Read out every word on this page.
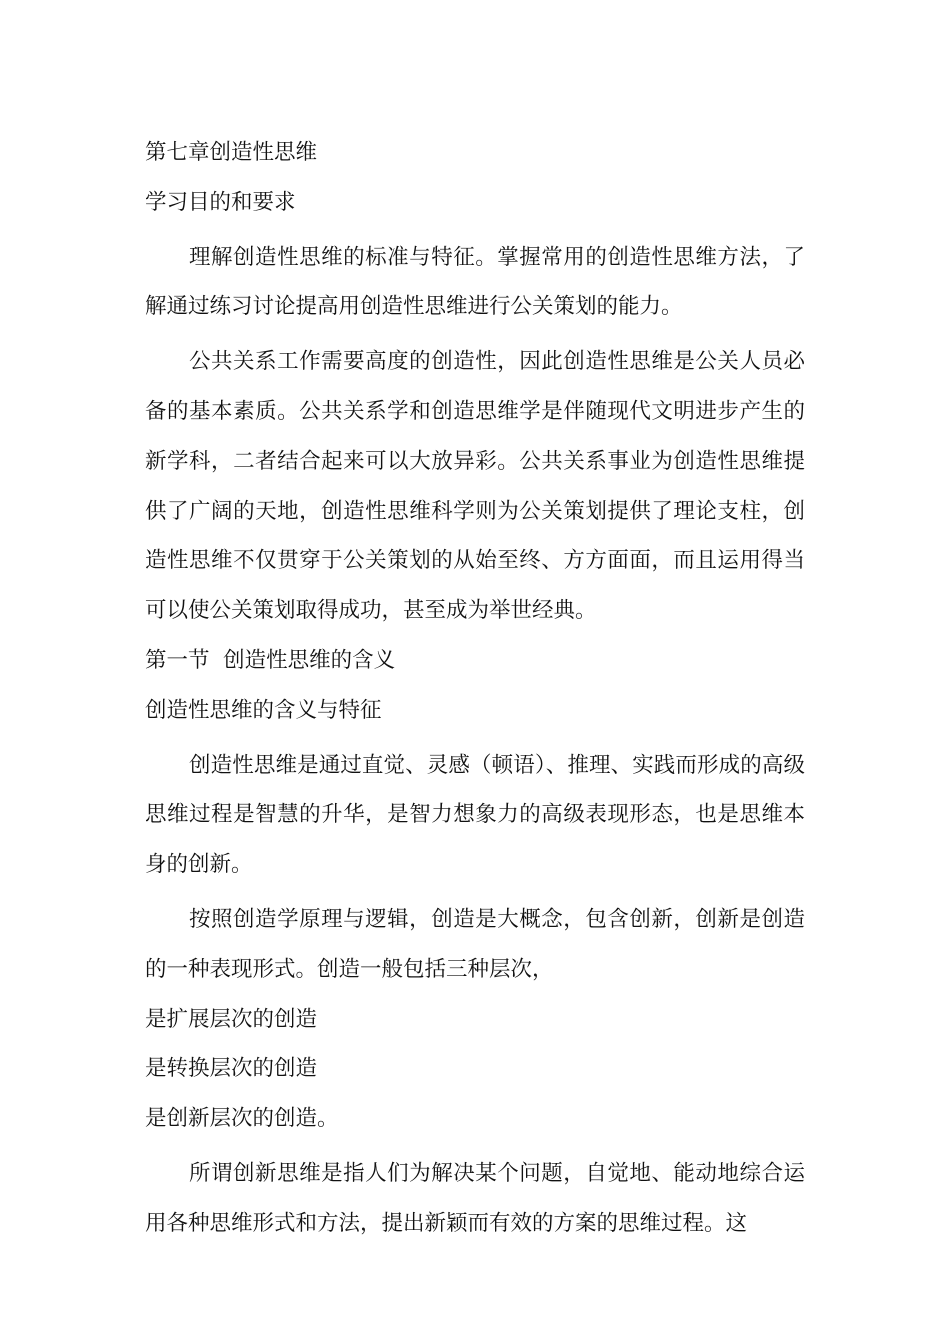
第七章创造性思维

学习目的和要求

理解创造性思维的标准与特征。掌握常用的创造性思维方法，了解通过练习讨论提高用创造性思维进行公关策划的能力。

公共关系工作需要高度的创造性，因此创造性思维是公关人员必备的基本素质。公共关系学和创造思维学是伴随现代文明进步产生的新学科，二者结合起来可以大放异彩。公共关系事业为创造性思维提供了广阔的天地，创造性思维科学则为公关策划提供了理论支柱，创造性思维不仅贯穿于公关策划的从始至终、方方面面，而且运用得当可以使公关策划取得成功，甚至成为举世经典。

第一节  创造性思维的含义

创造性思维的含义与特征

创造性思维是通过直觉、灵感（顿语）、推理、实践而形成的高级思维过程是智慧的升华，是智力想象力的高级表现形态，也是思维本身的创新。

按照创造学原理与逻辑，创造是大概念，包含创新，创新是创造的一种表现形式。创造一般包括三种层次，

是扩展层次的创造

是转换层次的创造

是创新层次的创造。

所谓创新思维是指人们为解决某个问题，自觉地、能动地综合运用各种思维形式和方法，提出新颖而有效的方案的思维过程。这
